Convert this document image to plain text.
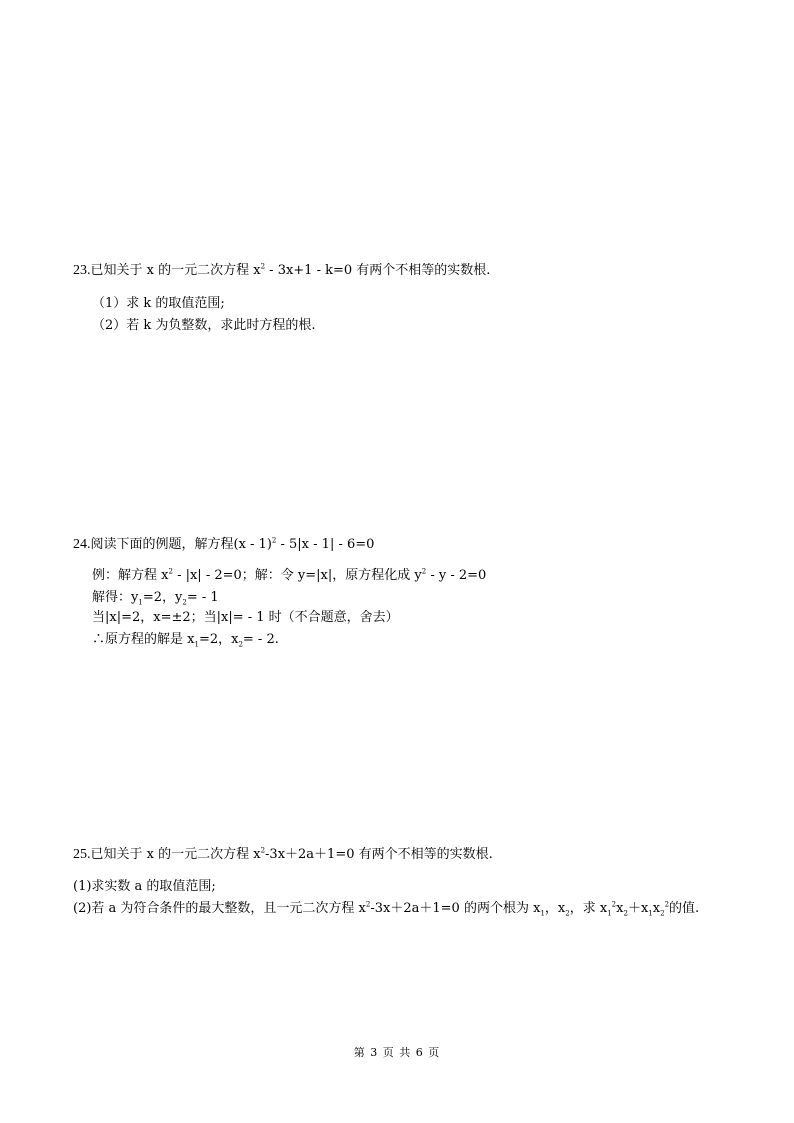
23.已知关于 x 的一元二次方程 $x^2 - 3x+1 - k=0$ 有两个不相等的实数根.
（1）求 k 的取值范围;
（2）若 k 为负整数，求此时方程的根.
24.阅读下面的例题，解方程(x - 1)$^2$ - 5|x - 1| - 6=0
例：解方程 $x^2 - |x| - 2=0$；解：令 y=|x|，原方程化成 $y^2 - y - 2=0$
解得：$y_1=2$，$y_2= - 1$
当|x|=2，x=±2；当|x|= - 1 时（不合题意，舍去）
∴原方程的解是 $x_1=2$，$x_2= - 2$.
25.已知关于 x 的一元二次方程 $x^2-3x+2a+1=0$ 有两个不相等的实数根.
(1)求实数 a 的取值范围;
(2)若 a 为符合条件的最大整数，且一元二次方程 $x^2-3x+2a+1=0$ 的两个根为 $x_1$，$x_2$，求 $x_1^2x_2+x_1x_2^2$的值.
第 3 页 共 6 页
